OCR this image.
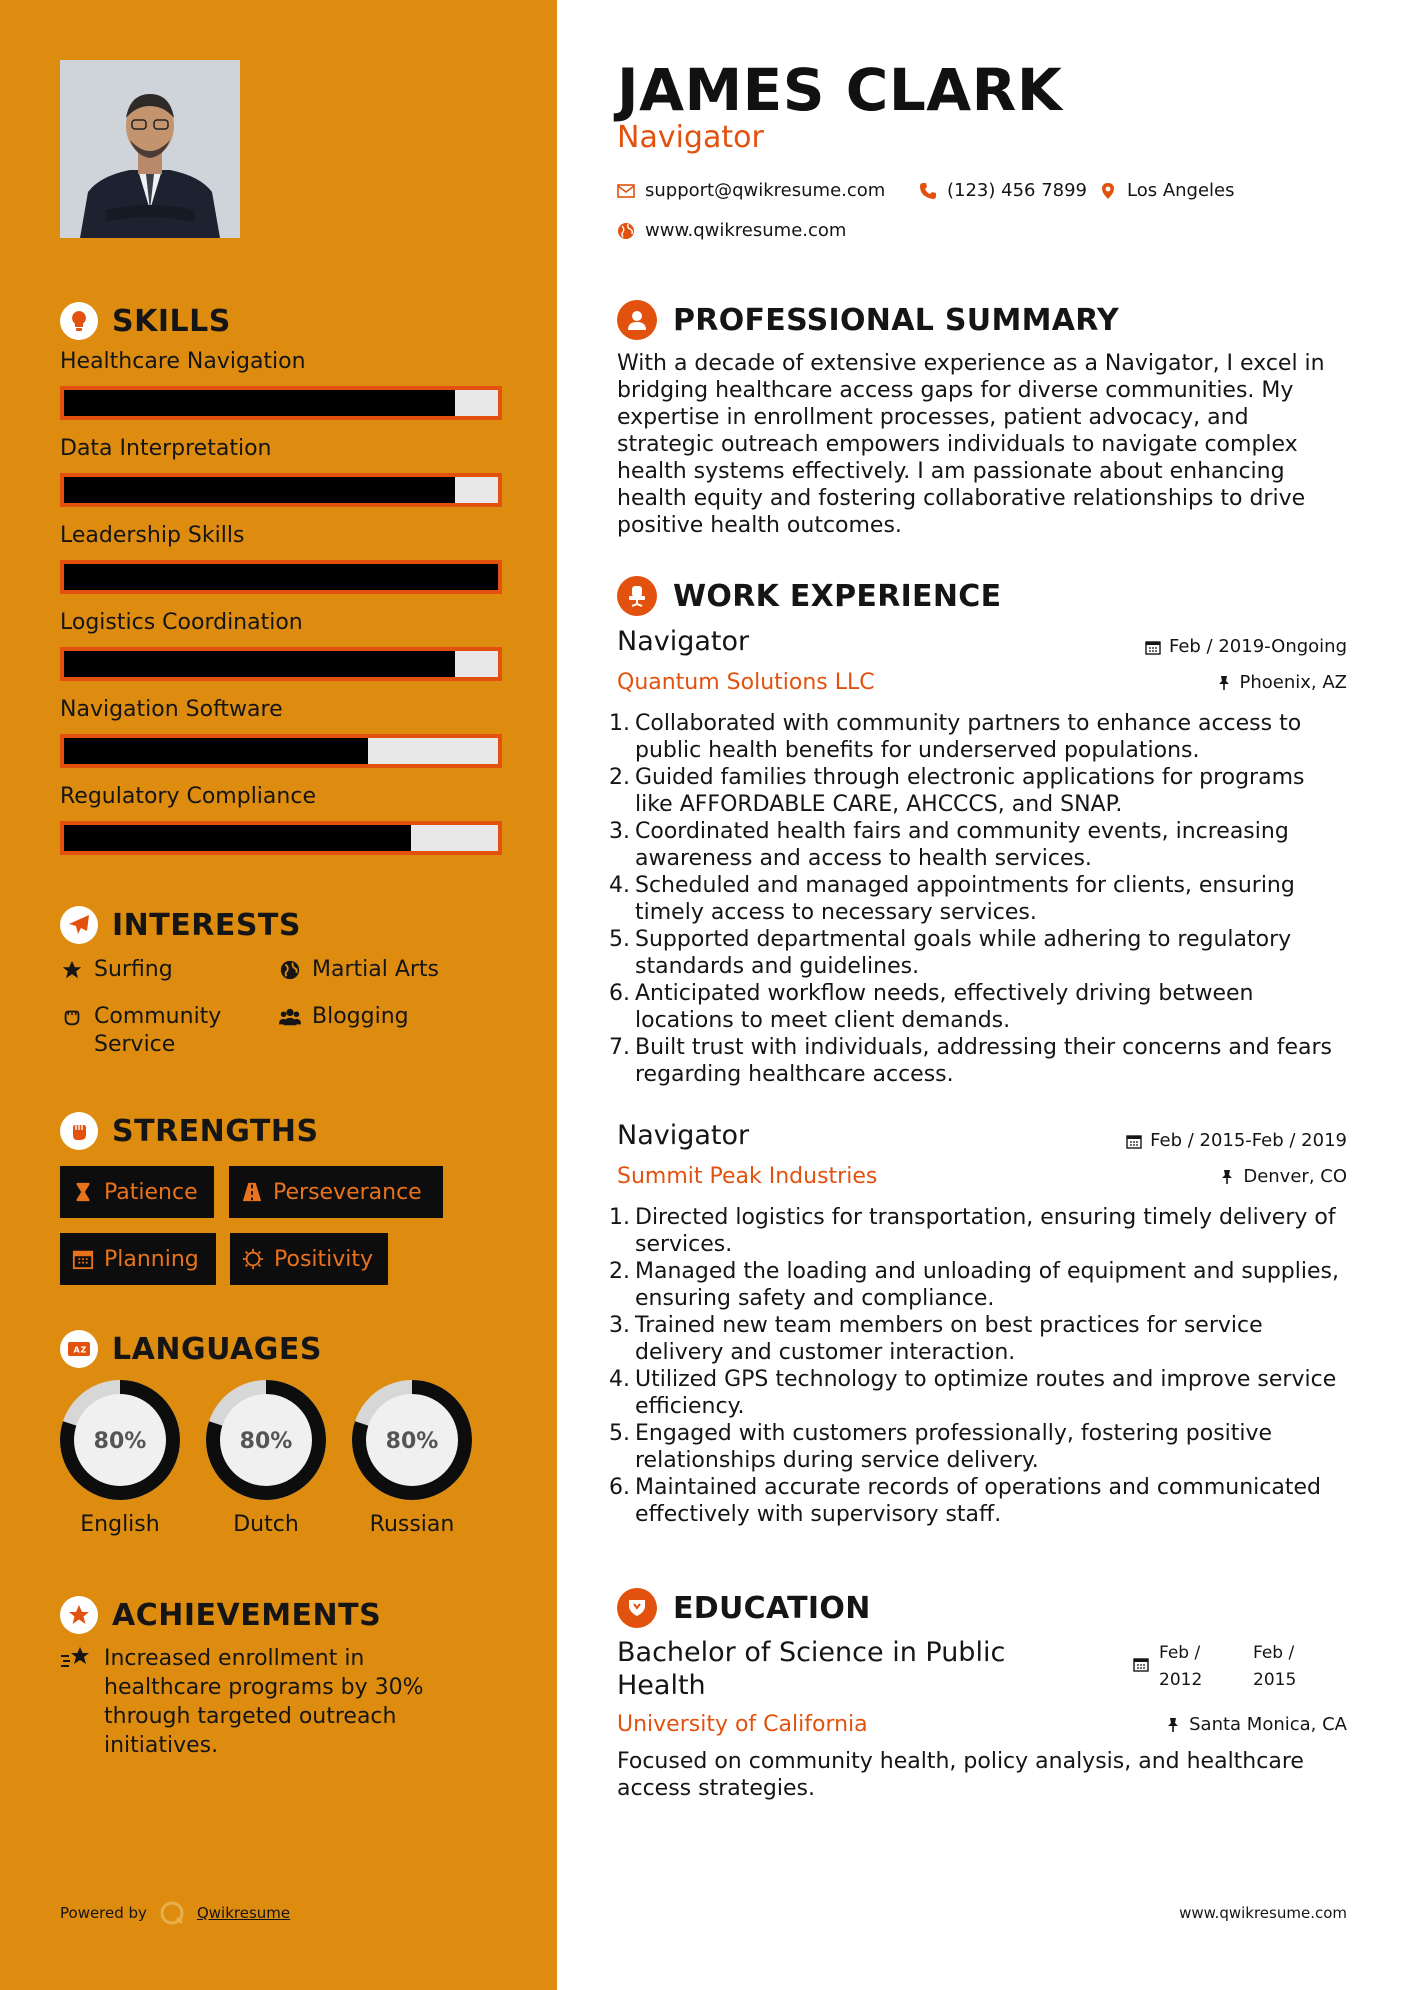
SKILLS
Healthcare Navigation
Data Interpretation
Leadership Skills
Logistics Coordination
Navigation Software
Regulatory Compliance
INTERESTS
Surfing	Martial Arts
Community Service
Blogging
STRENGTHS
Patience	Perseverance
Planning	Positivity
A Z LANGUAGES
80%
English
80%
Dutch
80%
Russian
ACHIEVEMENTS
Increased enrollment in healthcare programs by 30% through targeted outreach initiatives.
Powered by	Qwikresume
JAMES CLARK
Navigator
support@qwikresume.com	(123) 456 7899 Los Angeles
www.qwikresume.com
PROFESSIONAL SUMMARY
With a decade of extensive experience as a Navigator, I excel in bridging healthcare access gaps for diverse communities. My expertise in enrollment processes, patient advocacy, and strategic outreach empowers individuals to navigate complex health systems effectively. I am passionate about enhancing health equity and fostering collaborative relationships to drive positive health outcomes.
WORK EXPERIENCE
Navigator	Feb / 2019-Ongoing
Quantum Solutions LLC	Phoenix, AZ
1. Collaborated with community partners to enhance access to public health benefits for underserved populations.
2. Guided families through electronic applications for programs like AFFORDABLE CARE, AHCCCS, and SNAP.
3. Coordinated health fairs and community events, increasing awareness and access to health services.
4. Scheduled and managed appointments for clients, ensuring timely access to necessary services.
5. Supported departmental goals while adhering to regulatory standards and guidelines.
6. Anticipated workflow needs, effectively driving between locations to meet client demands.
7. Built trust with individuals, addressing their concerns and fears regarding healthcare access.
Navigator	Feb / 2015-Feb / 2019
Summit Peak Industries	Denver, CO
1. Directed logistics for transportation, ensuring timely delivery of services.
2. Managed the loading and unloading of equipment and supplies, ensuring safety and compliance.
3. Trained new team members on best practices for service delivery and customer interaction.
4. Utilized GPS technology to optimize routes and improve service efficiency.
5. Engaged with customers professionally, fostering positive relationships during service delivery.
6. Maintained accurate records of operations and communicated effectively with supervisory staff.
EDUCATION
Bachelor of Science in Public Health
Feb / 2012
Feb / 2015
University of California	Santa Monica, CA
Focused on community health, policy analysis, and healthcare access strategies.
www.qwikresume.com
